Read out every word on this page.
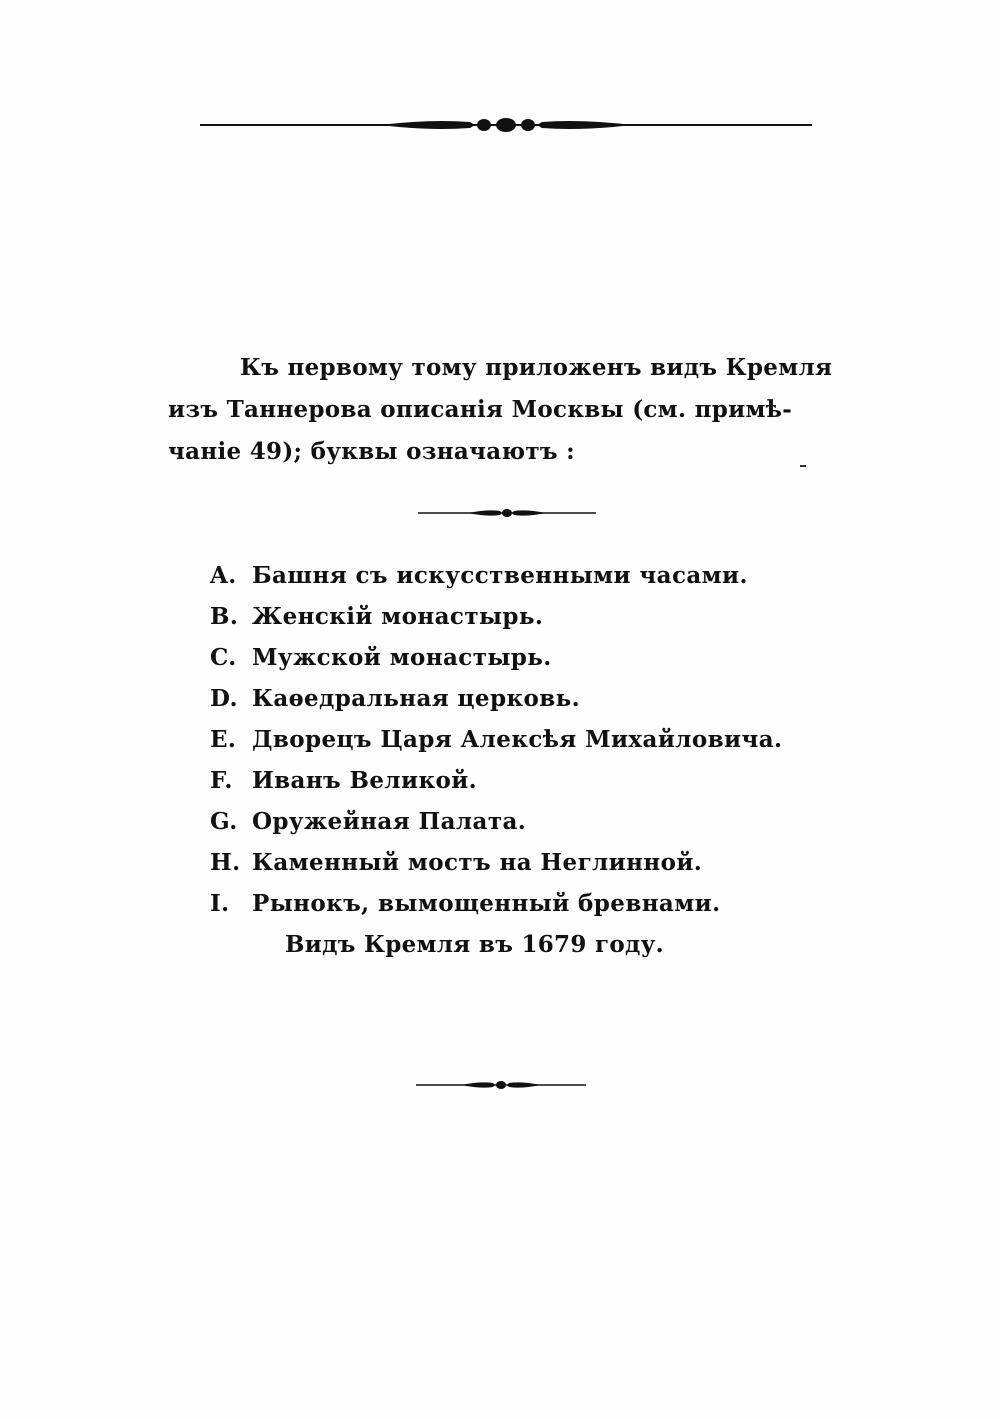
Къ первому тому приложенъ видъ Кремля
изъ Таннерова описанія Москвы (см. примѣ-
чаніе 49); буквы означаютъ :
A. Башня съ искусственными часами.
B. Женскій монастырь.
C. Мужской монастырь.
D. Каѳедральная церковь.
E. Дворецъ Царя Алексѣя Михайловича.
F. Иванъ Великой.
G. Оружейная Палата.
H. Каменный мостъ на Неглинной.
I. Рынокъ, вымощенный бревнами.
Видъ Кремля въ 1679 году.
